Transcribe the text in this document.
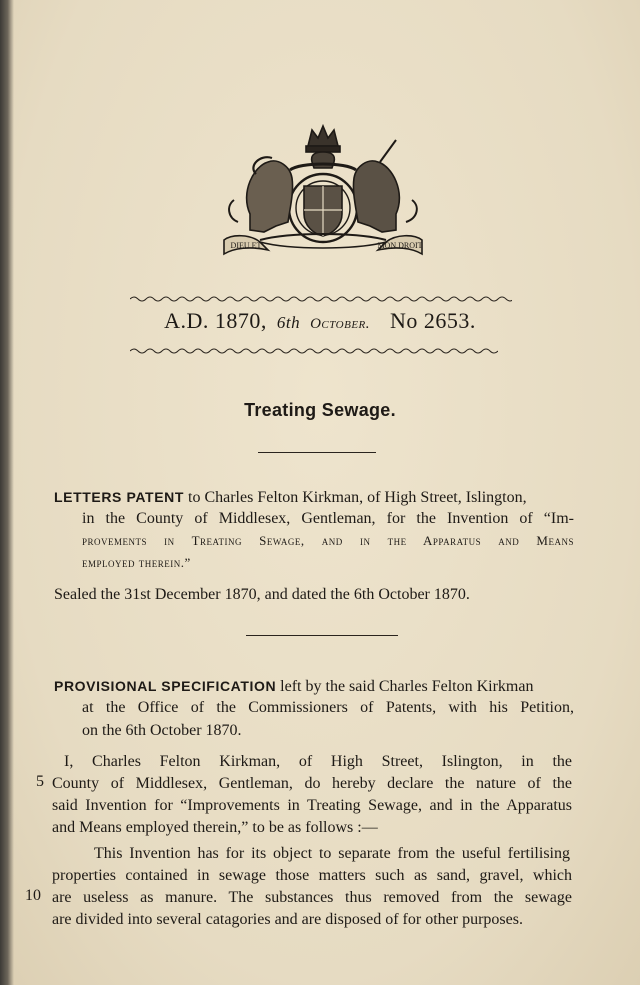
DIEU ET	MON DROIT
A.D. 1870, 6th October. No 2653.
Treating Sewage.
LETTERS PATENT to Charles Felton Kirkman, of High Street, Islington,
in the County of Middlesex, Gentleman, for the Invention of “Im-
provements in Treating Sewage, and in the Apparatus and Means
employed therein.”
Sealed the 31st December 1870, and dated the 6th October 1870.
PROVISIONAL SPECIFICATION left by the said Charles Felton Kirkman
at the Office of the Commissioners of Patents, with his Petition,
on the 6th October 1870.
I, Charles Felton Kirkman, of High Street, Islington, in the
5 County of Middlesex, Gentleman, do hereby declare the nature of the
said Invention for “Improvements in Treating Sewage, and in the Apparatus
and Means employed therein,” to be as follows :—
This Invention has for its object to separate from the useful fertilising
properties contained in sewage those matters such as sand, gravel, which
10 are useless as manure. The substances thus removed from the sewage
are divided into several catagories and are disposed of for other purposes.
